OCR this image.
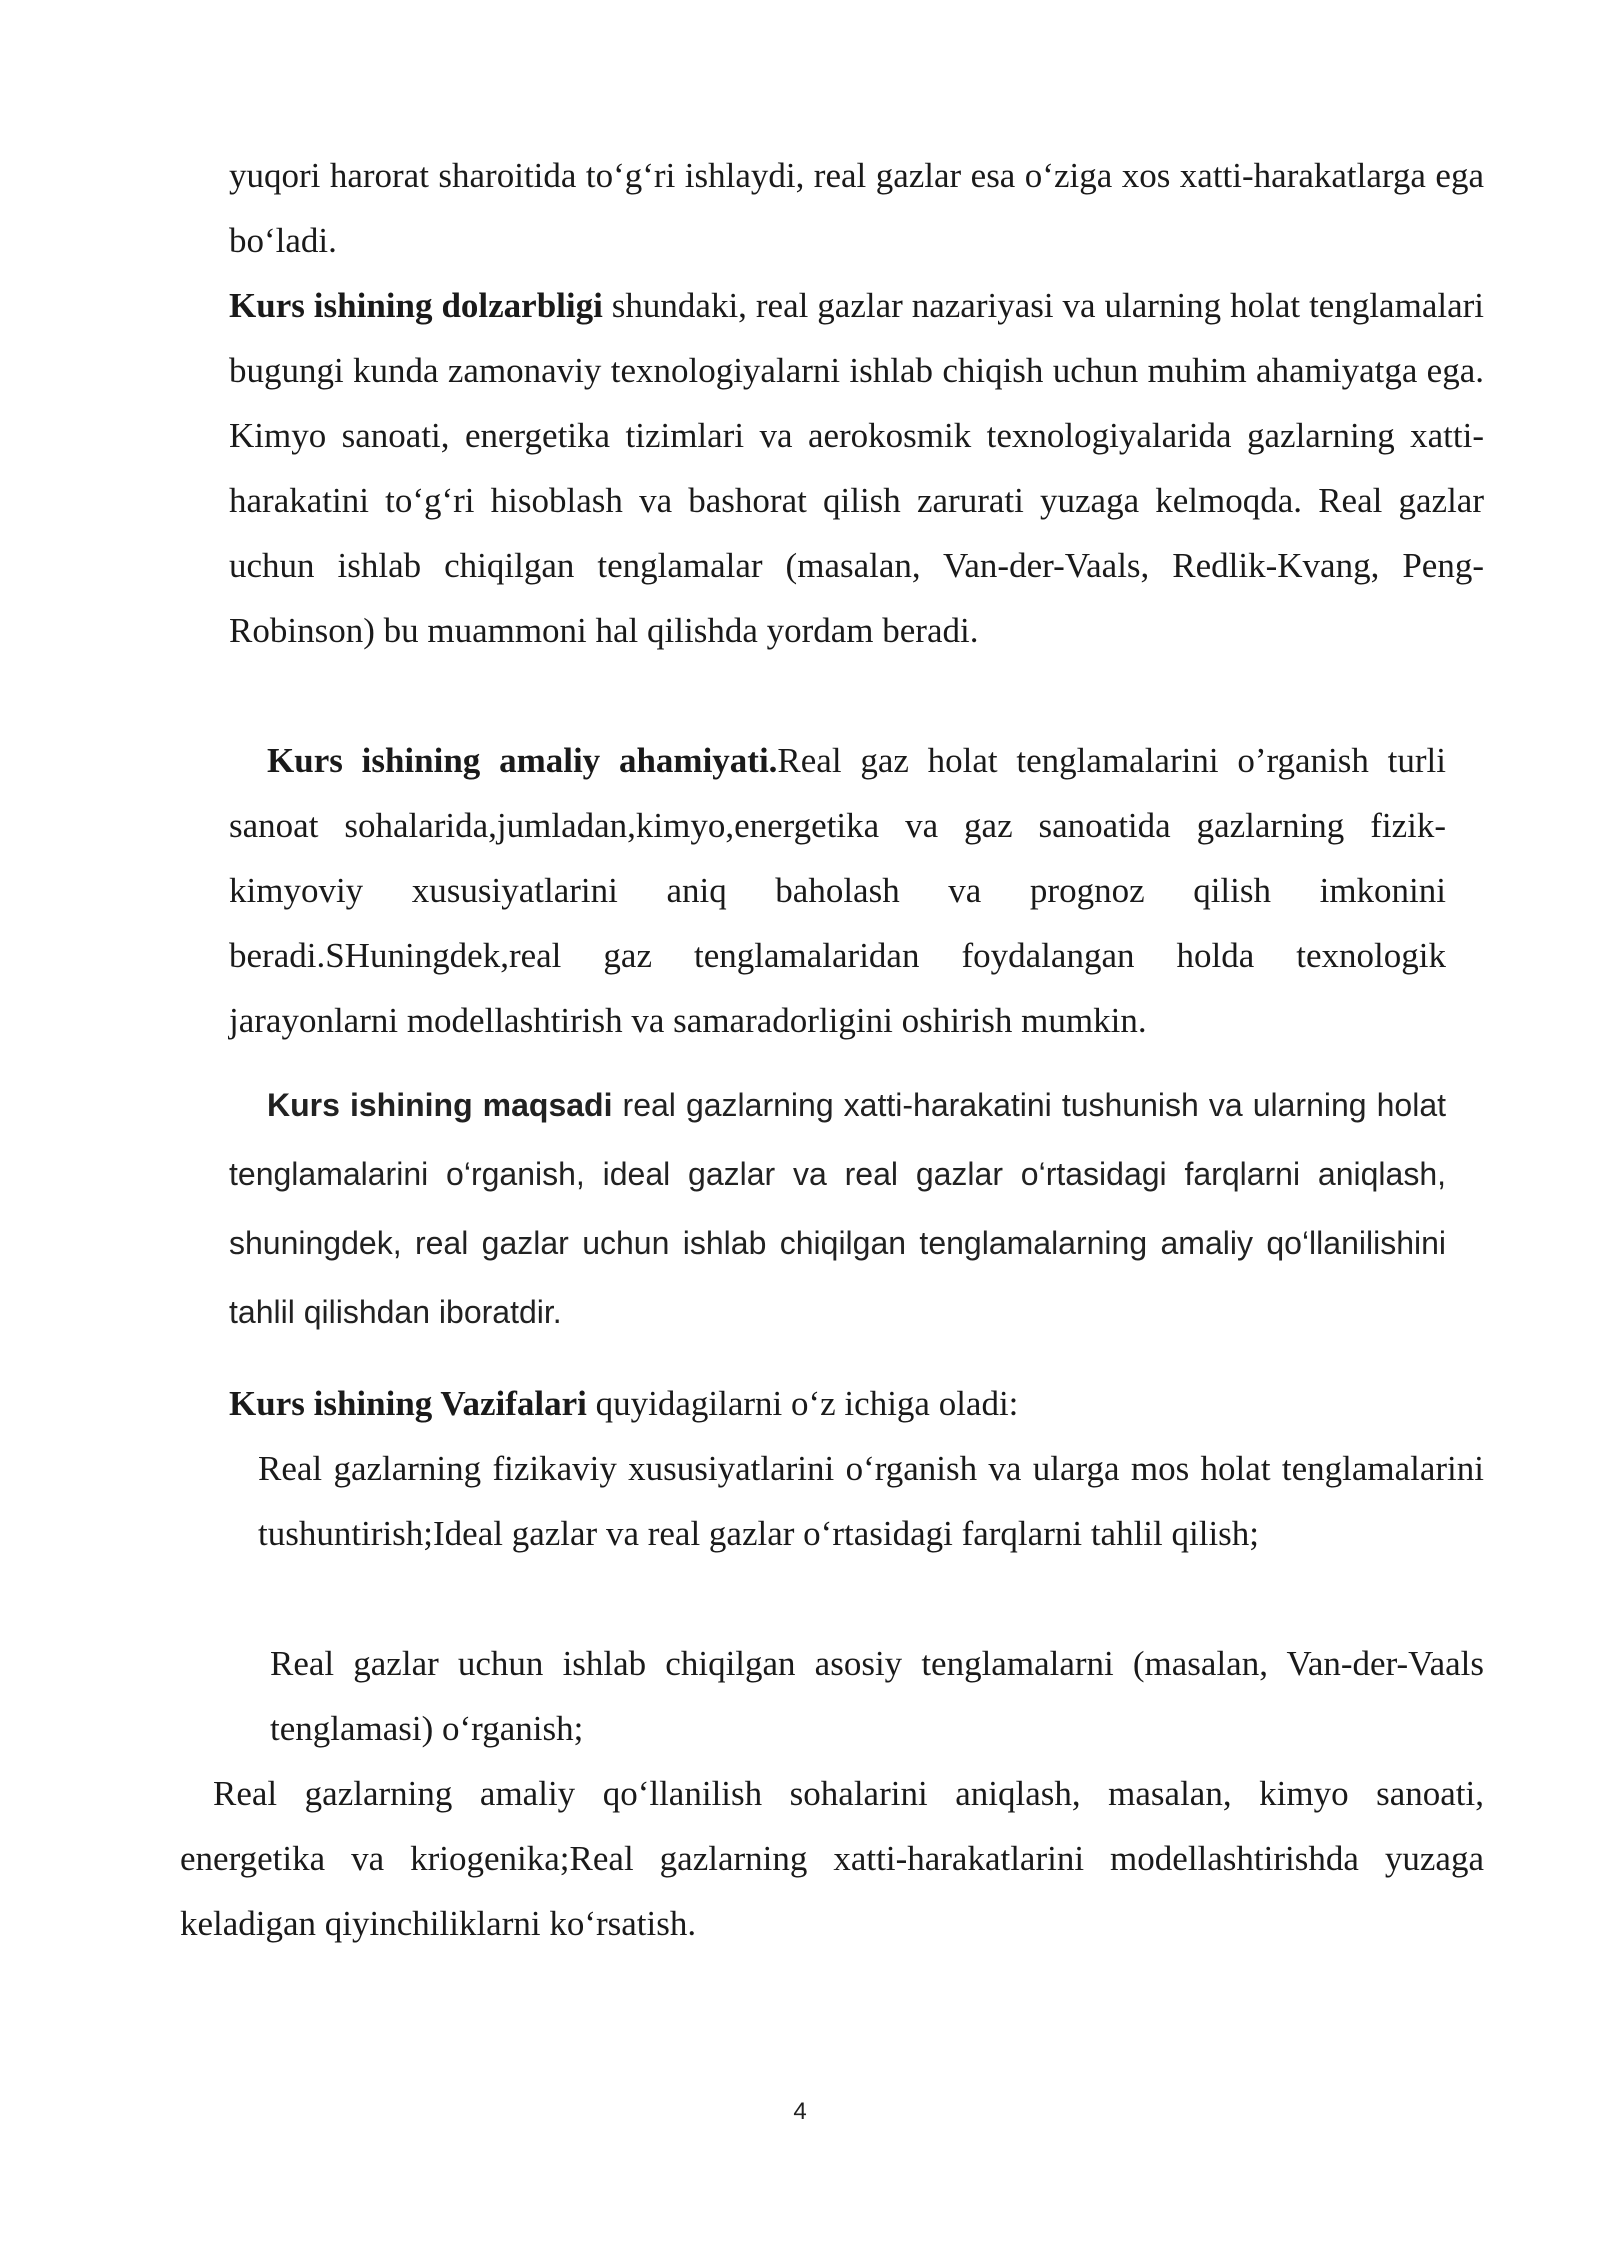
yuqori harorat sharoitida to‘g‘ri ishlaydi, real gazlar esa o‘ziga xos xatti-harakatlarga ega bo‘ladi.

Kurs ishining dolzarbligi shundaki, real gazlar nazariyasi va ularning holat tenglamalari bugungi kunda zamonaviy texnologiyalarni ishlab chiqish uchun muhim ahamiyatga ega. Kimyo sanoati, energetika tizimlari va aerokosmik texnologiyalarida gazlarning xatti-harakatini to‘g‘ri hisoblash va bashorat qilish zarurati yuzaga kelmoqda. Real gazlar uchun ishlab chiqilgan tenglamalar (masalan, Van-der-Vaals, Redlik-Kvang, Peng-Robinson) bu muammoni hal qilishda yordam beradi.

Kurs ishining amaliy ahamiyati.Real gaz holat tenglamalarini o’rganish turli sanoat sohalarida,jumladan,kimyo,energetika va gaz sanoatida gazlarning fizik-kimyoviy xususiyatlarini aniq baholash va prognoz qilish imkonini beradi.SHuningdek,real gaz tenglamalaridan foydalangan holda texnologik jarayonlarni modellashtirish va samaradorligini oshirish mumkin.

Kurs ishining maqsadi real gazlarning xatti-harakatini tushunish va ularning holat tenglamalarini o‘rganish, ideal gazlar va real gazlar o‘rtasidagi farqlarni aniqlash, shuningdek, real gazlar uchun ishlab chiqilgan tenglamalarning amaliy qo‘llanilishini tahlil qilishdan iboratdir.

Kurs ishining Vazifalari quyidagilarni o‘z ichiga oladi:

Real gazlarning fizikaviy xususiyatlarini o‘rganish va ularga mos holat tenglamalarini tushuntirish;Ideal gazlar va real gazlar o‘rtasidagi farqlarni tahlil qilish;

Real gazlar uchun ishlab chiqilgan asosiy tenglamalarni (masalan, Van-der-Vaals tenglamasi) o‘rganish;

Real gazlarning amaliy qo‘llanilish sohalarini aniqlash, masalan, kimyo sanoati, energetika va kriogenika;Real gazlarning xatti-harakatlarini modellashtirishda yuzaga keladigan qiyinchiliklarni ko‘rsatish.

4
